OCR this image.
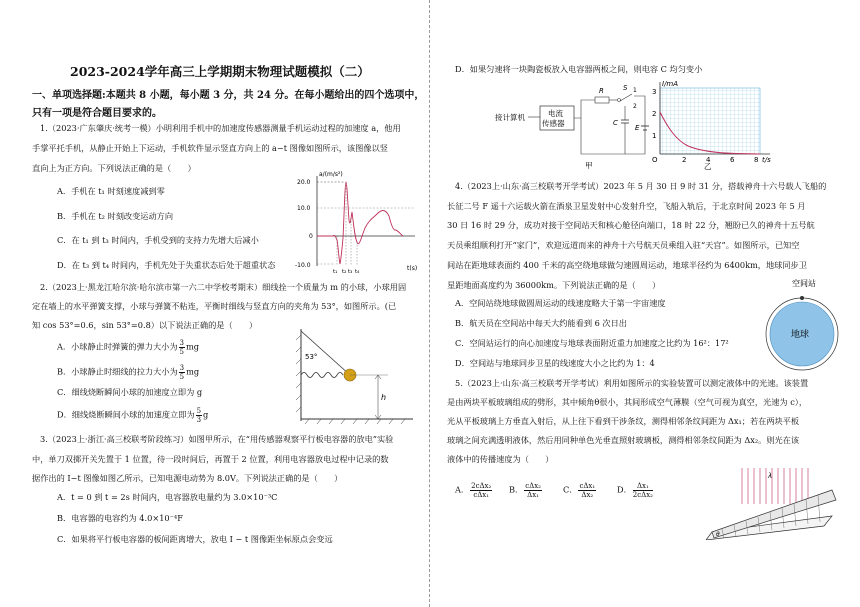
2023-2024学年高三上学期期末物理试题模拟（二）
一、单项选择题:本题共 8 小题，每小题 3 分，共 24 分。在每小题给出的四个选项中，
只有一项是符合题目要求的。
1.（2023·广东肇庆·统考一模）小明利用手机中的加速度传感器测量手机运动过程的加速度 a，他用
手掌平托手机，从静止开始上下运动，手机软件显示竖直方向上的 a−t 图像如图所示，该图像以竖
直向上为正方向。下列说法正确的是（　　）
A．手机在 t₁ 时刻速度减到零
B．手机在 t₂ 时刻改变运动方向
C．在 t₁ 到 t₃ 时间内，手机受到的支持力先增大后减小
D．在 t₃ 到 t₄ 时间内，手机先处于失重状态后处于超重状态
a/(m/s²)
t(s)
20.0
10.0
0
-10.0
t₁ t₂ t₃ t₄
2.（2023上·黑龙江哈尔滨·哈尔滨市第一六二中学校考期末）细线拴一个质量为 m 的小球，小球用固
定在墙上的水平弹簧支撑，小球与弹簧不粘连，平衡时细线与竖直方向的夹角为 53°，如图所示。(已
知 cos 53°=0.6，sin 53°=0.8）以下说法正确的是（　　）
A．小球静止时弹簧的弹力大小为 $\frac{3}{5}$ mg
B．小球静止时细线的拉力大小为 $\frac{3}{5}$ mg
C．细线烧断瞬间小球的加速度立即为 g
D．细线烧断瞬间小球的加速度立即为 $\frac{5}{3}$ g
53°
h
3.（2023上·浙江·高三校联考阶段练习）如图甲所示，在“用传感器观察平行板电容器的放电”实验
中，单刀双掷开关先置于 1 位置，待一段时间后，再置于 2 位置，利用电容器放电过程中记录的数
据作出的 I−t 图像如图乙所示，已知电源电动势为 8.0V。下列说法正确的是（　　）
A．t = 0 到 t = 2s 时间内，电容器放电量约为 3.0×10⁻³C
B．电容器的电容约为 4.0×10⁻⁴F
C．如果将平行板电容器的板间距离增大，放电 I − t 图像距坐标原点会变远
D．如果匀速将一块陶瓷板放入电容器两板之间，则电容 C 均匀变小
接计算机	电流
传感器
R	1
S
2
C
E
甲
I/mA
t/s
3
2
1
O	2	4	6	8
乙
4.（2023上·山东·高三校联考开学考试）2023 年 5 月 30 日 9 时 31 分，搭载神舟十六号载人飞船的
长征二号 F 遥十六运载火箭在酒泉卫星发射中心发射升空，飞船入轨后，于北京时间 2023 年 5 月
30 日 16 时 29 分，成功对接于空间站天和核心舱径向端口，18 时 22 分，翘盼已久的神舟十五号航
天员乘组顺利打开“家门”，欢迎远道而来的神舟十六号航天员乘组入驻“天宫”。如图所示，已知空
间站在距地球表面约 400 千米的高空绕地球做匀速圆周运动，地球半径约为 6400km，地球同步卫
星距地面高度约为 36000km。下列说法正确的是（　　）
A．空间站绕地球做圆周运动的线速度略大于第一宇宙速度
B．航天员在空间站中每天大约能看到 6 次日出
C．空间站运行的向心加速度与地球表面附近重力加速度之比约为 16²：17²
D．空间站与地球同步卫星的线速度大小之比约为 1：4
空间站
地球
5.（2023上·山东·高三校联考开学考试）利用如图所示的实验装置可以测定液体中的光速。该装置
是由两块平板玻璃组成的劈形，其中倾角θ很小，其间形成空气薄膜（空气可视为真空，光速为 c），
光从平板玻璃上方垂直入射后，从上往下看到干涉条纹，测得相邻条纹间距为 Δx₁；若在两块平板
玻璃之间充满透明液体，然后用同种单色光垂直照射玻璃板，测得相邻条纹间距为 Δx₂。则光在该
液体中的传播速度为（　　）
A． $\frac{\text{2cΔx₂}}{\text{cΔx₁}}$ B． $\frac{\text{cΔx₂}}{\text{Δx₁}}$	C． $\frac{\text{cΔx₁}}{\text{Δx₂}}$	D． $\frac{\text{Δx₁}}{\text{2cΔx₂}}$
λ
θ
